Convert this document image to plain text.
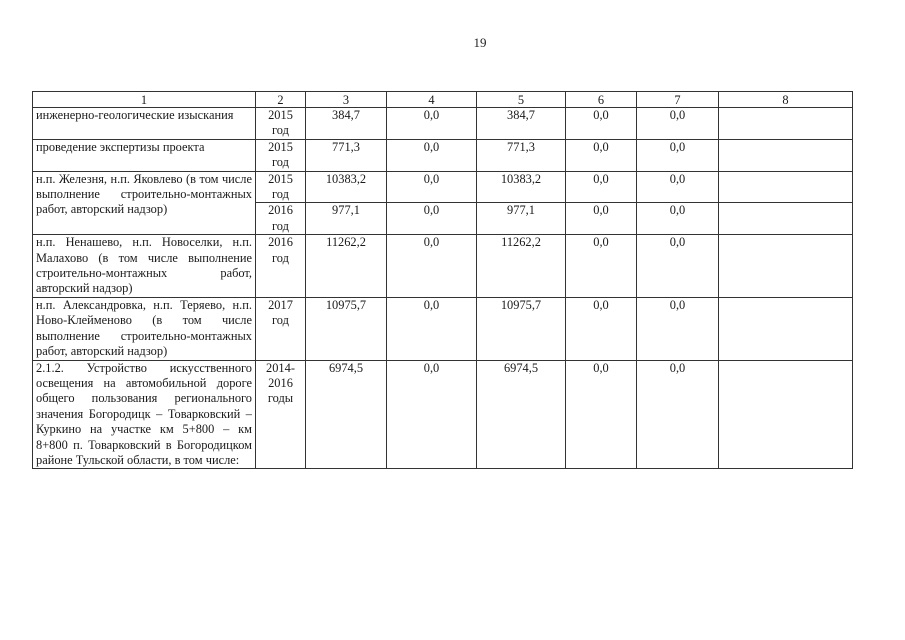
19
1	2	3	4	5	6	7	8
инженерно-геологические изыскания	2015 год	384,7	0,0	384,7	0,0	0,0	
проведение экспертизы проекта	2015 год	771,3	0,0	771,3	0,0	0,0	
н.п. Железня, н.п. Яковлево (в том числе выполнение строительно-монтажных работ, авторский надзор)	2015 год	10383,2	0,0	10383,2	0,0	0,0	
	2016 год	977,1	0,0	977,1	0,0	0,0	
н.п. Ненашево, н.п. Новоселки, н.п. Малахово (в том числе выполнение строительно-монтажных работ, авторский надзор)	2016 год	11262,2	0,0	11262,2	0,0	0,0	
н.п. Александровка, н.п. Теряево, н.п. Ново-Клейменово (в том числе выполнение строительно-монтажных работ, авторский надзор)	2017 год	10975,7	0,0	10975,7	0,0	0,0	
2.1.2. Устройство искусственного освещения на автомобильной дороге общего пользования регионального значения Богородицк – Товарковский – Куркино на участке км 5+800 – км 8+800 п. Товарковский в Богородицком районе Тульской области, в том числе:	2014-2016 годы	6974,5	0,0	6974,5	0,0	0,0	
